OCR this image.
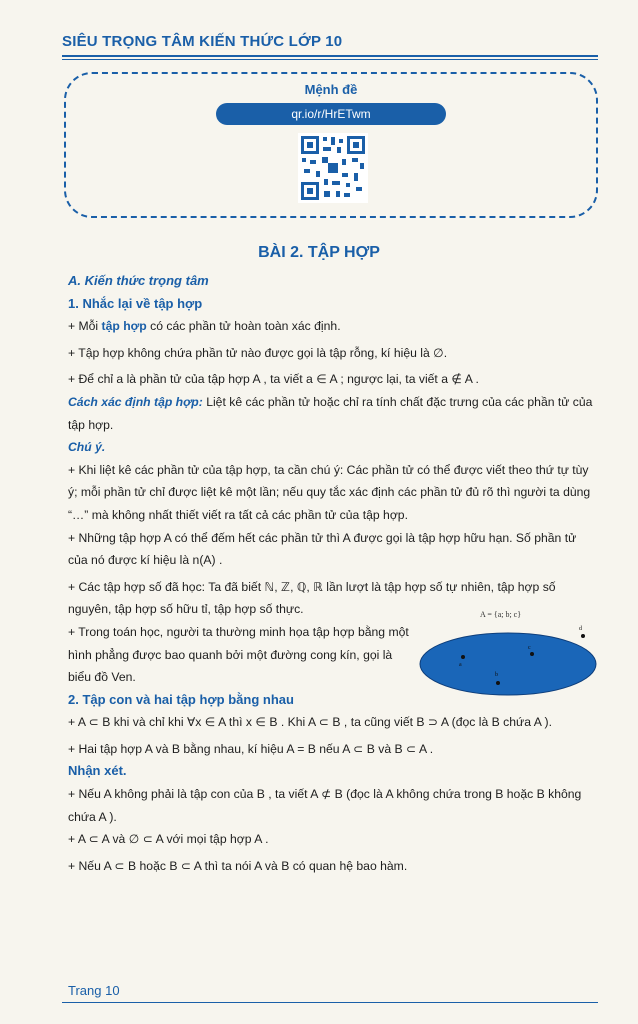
SIÊU TRỌNG TÂM KIẾN THỨC LỚP 10
Mệnh đề
qr.io/r/HrETwm
BÀI 2. TẬP HỢP

A. Kiến thức trọng tâm

1. Nhắc lại về tập hợp

+ Mỗi tập hợp có các phần tử hoàn toàn xác định.

+ Tập hợp không chứa phần tử nào được gọi là tập rỗng, kí hiệu là ∅.

+ Để chỉ a là phần tử của tập hợp A , ta viết a ∈ A ; ngược lại, ta viết a ∉ A .

Cách xác định tập hợp: Liệt kê các phần tử hoặc chỉ ra tính chất đặc trưng của các phần tử của tập hợp.

Chú ý.

+ Khi liệt kê các phần tử của tập hợp, ta cần chú ý: Các phần tử có thể được viết theo thứ tự tùy ý; mỗi phần tử chỉ được liệt kê một lần; nếu quy tắc xác định các phần tử đủ rõ thì người ta dùng “…” mà không nhất thiết viết ra tất cả các phần tử của tập hợp.

+ Những tập hợp A có thể đếm hết các phần tử thì A được gọi là tập hợp hữu hạn. Số phần tử của nó được kí hiệu là n(A) .

+ Các tập hợp số đã học: Ta đã biết ℕ, ℤ, ℚ, ℝ lần lượt là tập hợp số tự nhiên, tập hợp số nguyên, tập hợp số hữu tỉ, tập hợp số thực.

+ Trong toán học, người ta thường minh họa tập hợp bằng một hình phẳng được bao quanh bởi một đường cong kín, gọi là biểu đồ Ven.

2. Tập con và hai tập hợp bằng nhau

+ A ⊂ B khi và chỉ khi ∀x ∈ A thì x ∈ B . Khi A ⊂ B , ta cũng viết B ⊃ A (đọc là B chứa A ).

+ Hai tập hợp A và B bằng nhau, kí hiệu A = B nếu A ⊂ B và B ⊂ A .

Nhận xét.

+ Nếu A không phải là tập con của B , ta viết A ⊄ B (đọc là A không chứa trong B hoặc B không chứa A ).

+ A ⊂ A và ∅ ⊂ A với mọi tập hợp A .

+ Nếu A ⊂ B hoặc B ⊂ A thì ta nói A và B có quan hệ bao hàm.

A = {a; b; c}
a
b
c
d
Trang 10
